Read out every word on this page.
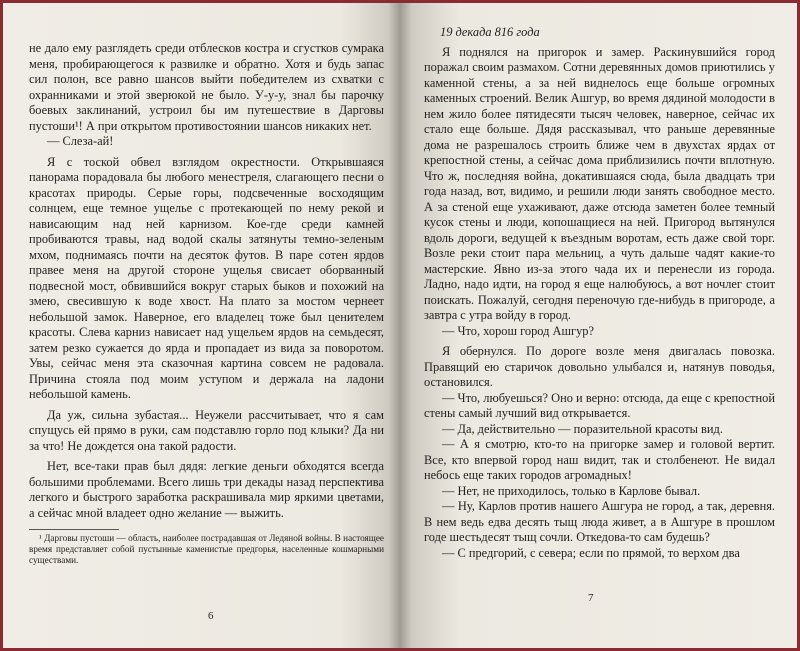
не дало ему разглядеть среди отблесков костра и сгустков сумрака меня, пробирающегося к развилке и обратно. Хотя и будь запас сил полон, все равно шансов выйти победителем из схватки с охранниками и этой зверюкой не было. У-у-у, знал бы парочку боевых заклинаний, устроил бы им путешествие в Дарговы пустоши¹! А при открытом противостоянии шансов никаких нет.

— Слеза-ай!

Я с тоской обвел взглядом окрестности. Открывшаяся панорама порадовала бы любого менестреля, слагающего песни о красотах природы. Серые горы, подсвеченные восходящим солнцем, еще темное ущелье с протекающей по нему рекой и нависающим над ней карнизом. Кое-где среди камней пробиваются травы, над водой скалы затянуты темно-зеленым мхом, поднимаясь почти на десяток футов. В паре сотен ярдов правее меня на другой стороне ущелья свисает оборванный подвесной мост, обвившийся вокруг старых быков и похожий на змею, свесившую к воде хвост. На плато за мостом чернеет небольшой замок. Наверное, его владелец тоже был ценителем красоты. Слева карниз нависает над ущельем ярдов на семьдесят, затем резко сужается до ярда и пропадает из вида за поворотом. Увы, сейчас меня эта сказочная картина совсем не радовала. Причина стояла под моим уступом и держала на ладони небольшой камень.

Да уж, сильна зубастая... Неужели рассчитывает, что я сам спущусь ей прямо в руки, сам подставлю горло под клыки? Да ни за что! Не дождется она такой радости.

Нет, все-таки прав был дядя: легкие деньги обходятся всегда большими проблемами. Всего лишь три декады назад перспектива легкого и быстрого заработка раскрашивала мир яркими цветами, а сейчас мной владеет одно желание — выжить.

¹ Дарговы пустоши — область, наиболее пострадавшая от Ледяной войны. В настоящее время представляет собой пустынные каменистые предгорья, населенные кошмарными существами.

6
19 декада 816 года

Я поднялся на пригорок и замер. Раскинувшийся город поражал своим размахом. Сотни деревянных домов приютились у каменной стены, а за ней виднелось еще больше огромных каменных строений. Велик Ашгур, во время дядиной молодости в нем жило более пятидесяти тысяч человек, наверное, сейчас их стало еще больше. Дядя рассказывал, что раньше деревянные дома не разрешалось строить ближе чем в двухстах ярдах от крепостной стены, а сейчас дома приблизились почти вплотную. Что ж, последняя война, докатившаяся сюда, была двадцать три года назад, вот, видимо, и решили люди занять свободное место. А за стеной еще ухаживают, даже отсюда заметен более темный кусок стены и люди, копошащиеся на ней. Пригород вытянулся вдоль дороги, ведущей к въездным воротам, есть даже свой торг. Возле реки стоит пара мельниц, а чуть дальше чадят какие-то мастерские. Явно из-за этого чада их и перенесли из города. Ладно, надо идти, на город я еще налюбуюсь, а вот ночлег стоит поискать. Пожалуй, сегодня переночую где-нибудь в пригороде, а завтра с утра войду в город.

— Что, хорош город Ашгур?

Я обернулся. По дороге возле меня двигалась повозка. Правящий ею старичок довольно улыбался и, натянув поводья, остановился.

— Что, любуешься? Оно и верно: отсюда, да еще с крепостной стены самый лучший вид открывается.

— Да, действительно — поразительной красоты вид.

— А я смотрю, кто-то на пригорке замер и головой вертит. Все, кто впервой город наш видит, так и столбенеют. Не видал небось еще таких городов агромадных!

— Нет, не приходилось, только в Карлове бывал.

— Ну, Карлов против нашего Ашгура не город, а так, деревня. В нем ведь едва десять тыщ люда живет, а в Ашгуре в прошлом годе шестьдесят тыщ сочли. Откедова-то сам будешь?

— С предгорий, с севера; если по прямой, то верхом два

7
